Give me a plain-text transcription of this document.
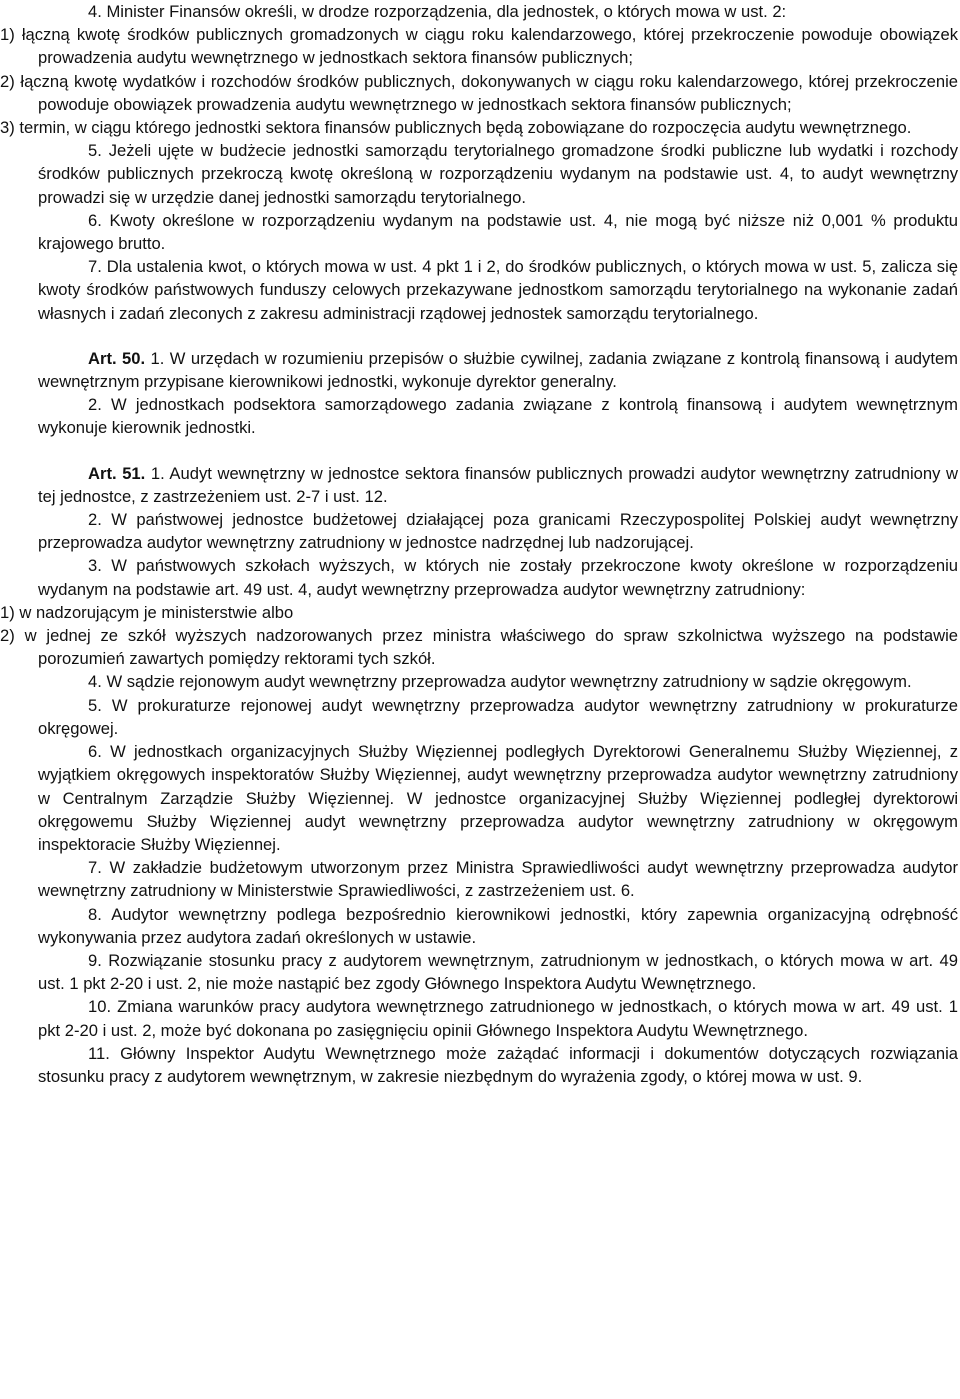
4. Minister Finansów określi, w drodze rozporządzenia, dla jednostek, o których mowa w ust. 2:

1) łączną kwotę środków publicznych gromadzonych w ciągu roku kalendarzowego, której przekroczenie powoduje obowiązek prowadzenia audytu wewnętrznego w jednostkach sektora finansów publicznych;

2) łączną kwotę wydatków i rozchodów środków publicznych, dokonywanych w ciągu roku kalendarzowego, której przekroczenie powoduje obowiązek prowadzenia audytu wewnętrznego w jednostkach sektora finansów publicznych;

3) termin, w ciągu którego jednostki sektora finansów publicznych będą zobowiązane do rozpoczęcia audytu wewnętrznego.

5. Jeżeli ujęte w budżecie jednostki samorządu terytorialnego gromadzone środki publiczne lub wydatki i rozchody środków publicznych przekroczą kwotę określoną w rozporządzeniu wydanym na podstawie ust. 4, to audyt wewnętrzny prowadzi się w urzędzie danej jednostki samorządu terytorialnego.

6. Kwoty określone w rozporządzeniu wydanym na podstawie ust. 4, nie mogą być niższe niż 0,001 % produktu krajowego brutto.

7. Dla ustalenia kwot, o których mowa w ust. 4 pkt 1 i 2, do środków publicznych, o których mowa w ust. 5, zalicza się kwoty środków państwowych funduszy celowych przekazywane jednostkom samorządu terytorialnego na wykonanie zadań własnych i zadań zleconych z zakresu administracji rządowej jednostek samorządu terytorialnego.

Art. 50. 1. W urzędach w rozumieniu przepisów o służbie cywilnej, zadania związane z kontrolą finansową i audytem wewnętrznym przypisane kierownikowi jednostki, wykonuje dyrektor generalny.

2. W jednostkach podsektora samorządowego zadania związane z kontrolą finansową i audytem wewnętrznym wykonuje kierownik jednostki.

Art. 51. 1. Audyt wewnętrzny w jednostce sektora finansów publicznych prowadzi audytor wewnętrzny zatrudniony w tej jednostce, z zastrzeżeniem ust. 2-7 i ust. 12.

2. W państwowej jednostce budżetowej działającej poza granicami Rzeczypospolitej Polskiej audyt wewnętrzny przeprowadza audytor wewnętrzny zatrudniony w jednostce nadrzędnej lub nadzorującej.

3. W państwowych szkołach wyższych, w których nie zostały przekroczone kwoty określone w rozporządzeniu wydanym na podstawie art. 49 ust. 4, audyt wewnętrzny przeprowadza audytor wewnętrzny zatrudniony:

1) w nadzorującym je ministerstwie albo

2) w jednej ze szkół wyższych nadzorowanych przez ministra właściwego do spraw szkolnictwa wyższego na podstawie porozumień zawartych pomiędzy rektorami tych szkół.

4. W sądzie rejonowym audyt wewnętrzny przeprowadza audytor wewnętrzny zatrudniony w sądzie okręgowym.

5. W prokuraturze rejonowej audyt wewnętrzny przeprowadza audytor wewnętrzny zatrudniony w prokuraturze okręgowej.

6. W jednostkach organizacyjnych Służby Więziennej podległych Dyrektorowi Generalnemu Służby Więziennej, z wyjątkiem okręgowych inspektoratów Służby Więziennej, audyt wewnętrzny przeprowadza audytor wewnętrzny zatrudniony w Centralnym Zarządzie Służby Więziennej. W jednostce organizacyjnej Służby Więziennej podległej dyrektorowi okręgowemu Służby Więziennej audyt wewnętrzny przeprowadza audytor wewnętrzny zatrudniony w okręgowym inspektoracie Służby Więziennej.

7. W zakładzie budżetowym utworzonym przez Ministra Sprawiedliwości audyt wewnętrzny przeprowadza audytor wewnętrzny zatrudniony w Ministerstwie Sprawiedliwości, z zastrzeżeniem ust. 6.

8. Audytor wewnętrzny podlega bezpośrednio kierownikowi jednostki, który zapewnia organizacyjną odrębność wykonywania przez audytora zadań określonych w ustawie.

9. Rozwiązanie stosunku pracy z audytorem wewnętrznym, zatrudnionym w jednostkach, o których mowa w art. 49 ust. 1 pkt 2-20 i ust. 2, nie może nastąpić bez zgody Głównego Inspektora Audytu Wewnętrznego.

10. Zmiana warunków pracy audytora wewnętrznego zatrudnionego w jednostkach, o których mowa w art. 49 ust. 1 pkt 2-20 i ust. 2, może być dokonana po zasięgnięciu opinii Głównego Inspektora Audytu Wewnętrznego.

11. Główny Inspektor Audytu Wewnętrznego może zażądać informacji i dokumentów dotyczących rozwiązania stosunku pracy z audytorem wewnętrznym, w zakresie niezbędnym do wyrażenia zgody, o której mowa w ust. 9.
